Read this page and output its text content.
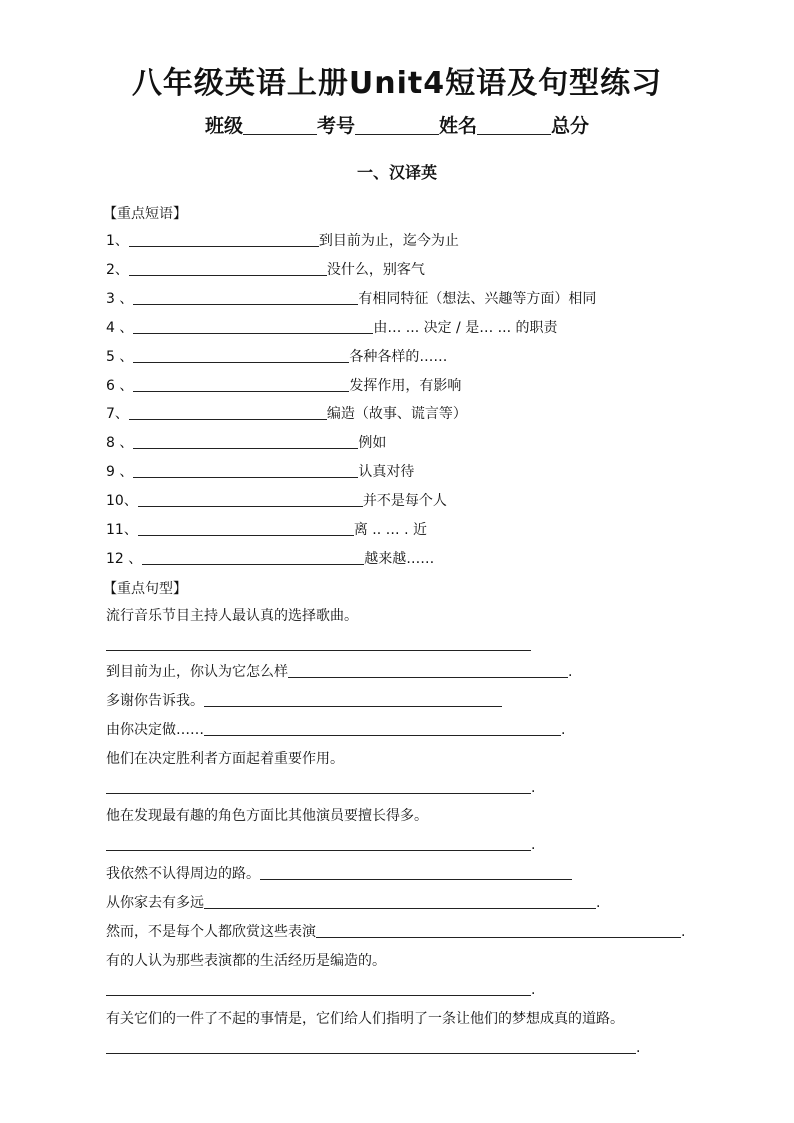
八年级英语上册Unit4短语及句型练习
班级	考号	姓名	总分
一、汉译英
【重点短语】
1、	到目前为止，迄今为止
2、	没什么，别客气
3 、	有相同特征（想法、兴趣等方面）相同
4 、	由… ... 决定 / 是… ... 的职责
5 、	各种各样的……
6 、	发挥作用，有影响
7、	编造（故事、谎言等）
8 、	例如
9 、	认真对待
10、	并不是每个人
11、	离 .. … . 近
12 、	越来越……
【重点句型】
流行音乐节目主持人最认真的选择歌曲。
到目前为止，你认为它怎么样	.
多谢你告诉我。
由你决定做……	.
他们在决定胜利者方面起着重要作用。
.
他在发现最有趣的角色方面比其他演员要擅长得多。
.
我依然不认得周边的路。
从你家去有多远	.
然而，不是每个人都欣赏这些表演	.
有的人认为那些表演都的生活经历是编造的。
.
有关它们的一件了不起的事情是，它们给人们指明了一条让他们的梦想成真的道路。
.
